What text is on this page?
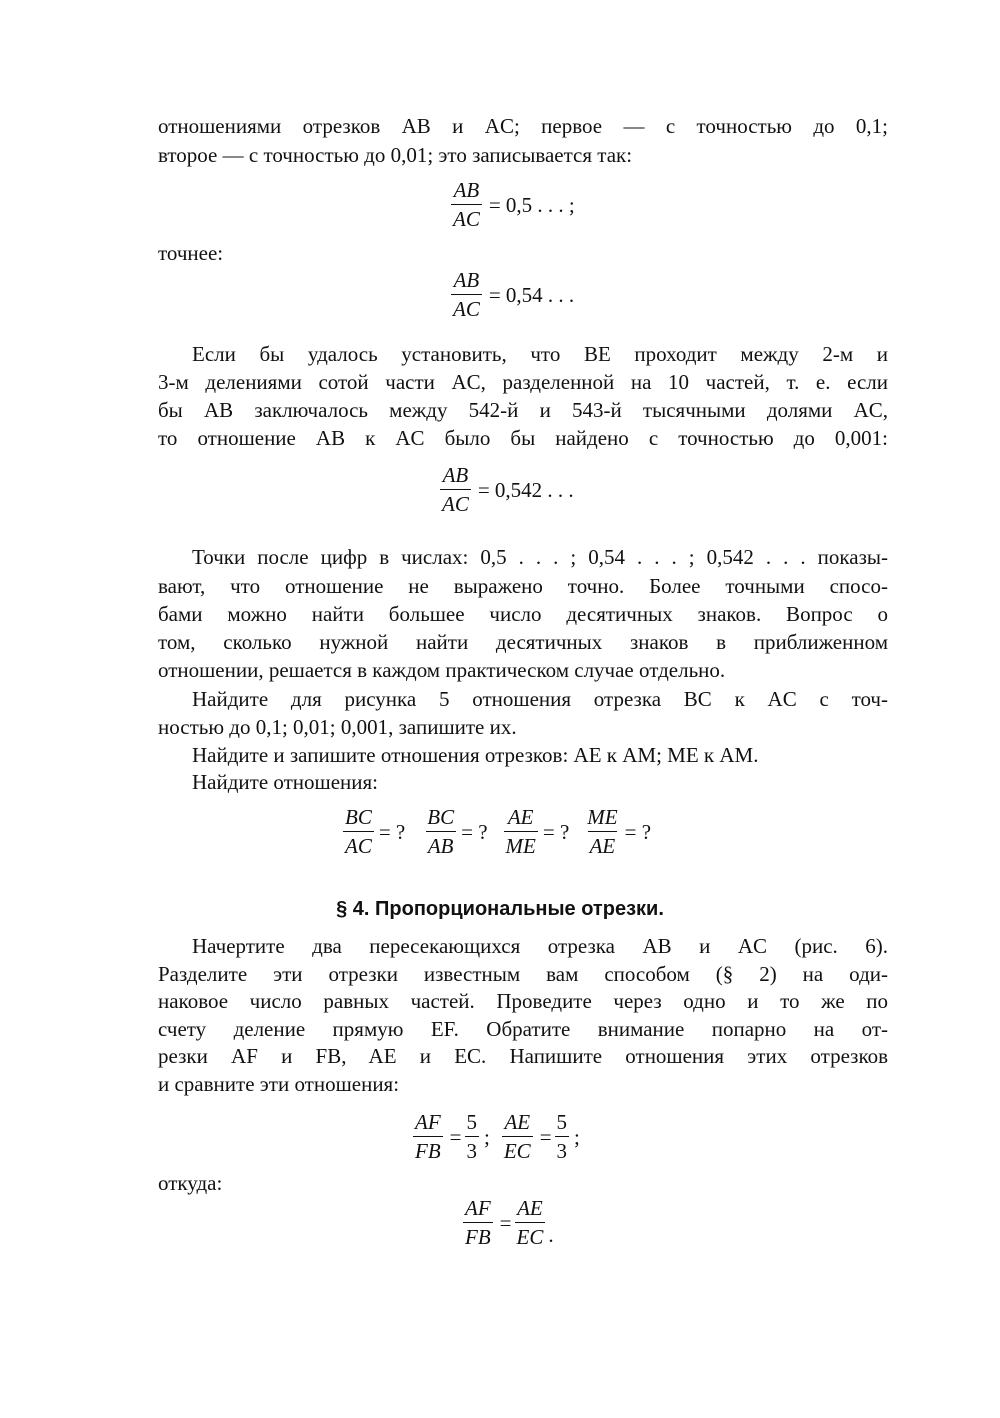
отношениями отрезков AB и AC; первое — с точностью до 0,1;
второе — с точностью до 0,01; это записывается так:
$\frac{AB}{AC} = 0,5$ . . . ;
точнее:
$\frac{AB}{AC} = 0,54$ . . .
Если бы удалось установить, что BE проходит между 2-м и
3-м делениями сотой части AC, разделенной на 10 частей, т. е. если
бы AB заключалось между 542-й и 543-й тысячными долями AC,
то отношение AB к AC было бы найдено с точностью до 0,001:
$\frac{AB}{AC} = 0,542$ . . .
Точки после цифр в числах: 0,5 . . . ; 0,54 . . . ; 0,542 . . . показы-
вают, что отношение не выражено точно. Более точными спосо-
бами можно найти большее число десятичных знаков. Вопрос о
том, сколько нужной найти десятичных знаков в приближенном
отношении, решается в каждом практическом случае отдельно.
Найдите для рисунка 5 отношения отрезка BC к AC с точ-
ностью до 0,1; 0,01; 0,001, запишите их.
Найдите и запишите отношения отрезков: AE к AM; ME к AM.
Найдите отношения:
$\frac{BC}{AC}$ = ? $\frac{BC}{AB}$ = ? $\frac{AE}{ME}$ = ? $\frac{ME}{AE}$ = ?
§ 4. Пропорциональные отрезки.
Начертите два пересекающихся отрезка AB и AC (рис. 6).
Разделите эти отрезки известным вам способом (§ 2) на оди-
наковое число равных частей. Проведите через одно и то же по
счету деление прямую EF. Обратите внимание попарно на от-
резки AF и FB, AE и EC. Напишите отношения этих отрезков
и сравните эти отношения:
$\frac{AF}{FB} = \frac{5}{3}$ ; $\frac{AE}{EC} = \frac{5}{3}$ ;
откуда:
$\frac{AF}{FB} = \frac{AE}{EC}$ .
